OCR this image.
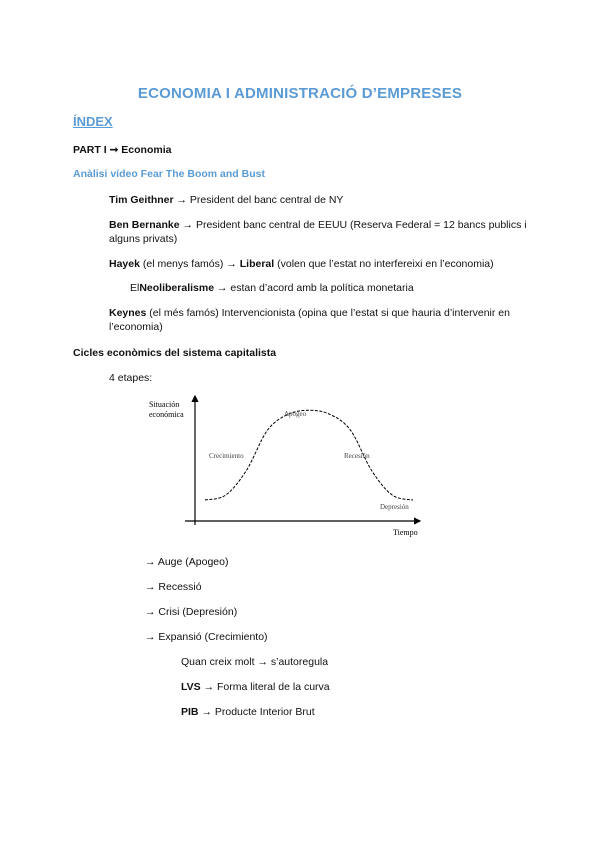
ECONOMIA I ADMINISTRACIÓ D’EMPRESES
ÍNDEX
PART I ➞ Economia
Anàlisi vídeo Fear The Boom and Bust
Tim Geithner → President del banc central de NY
Ben Bernanke → President banc central de EEUU (Reserva Federal = 12 bancs publics i alguns privats)
Hayek (el menys famós) → Liberal (volen que l’estat no interfereixi en l’economia)
ElNeoliberalisme → estan d’acord amb la política monetaria
Keynes (el més famós) Intervencionista (opina que l’estat si que hauria d’intervenir en l’economia)
Cicles econòmics del sistema capitalista
4 etapes:
Situación
económica
Tiempo
Crecimiento
Apogeo
Recesión
Depresión
→ Auge (Apogeo)
→ Recessió
→ Crisi (Depresión)
→ Expansió (Crecimiento)
Quan creix molt → s’autoregula
LVS → Forma literal de la curva
PIB → Producte Interior Brut
